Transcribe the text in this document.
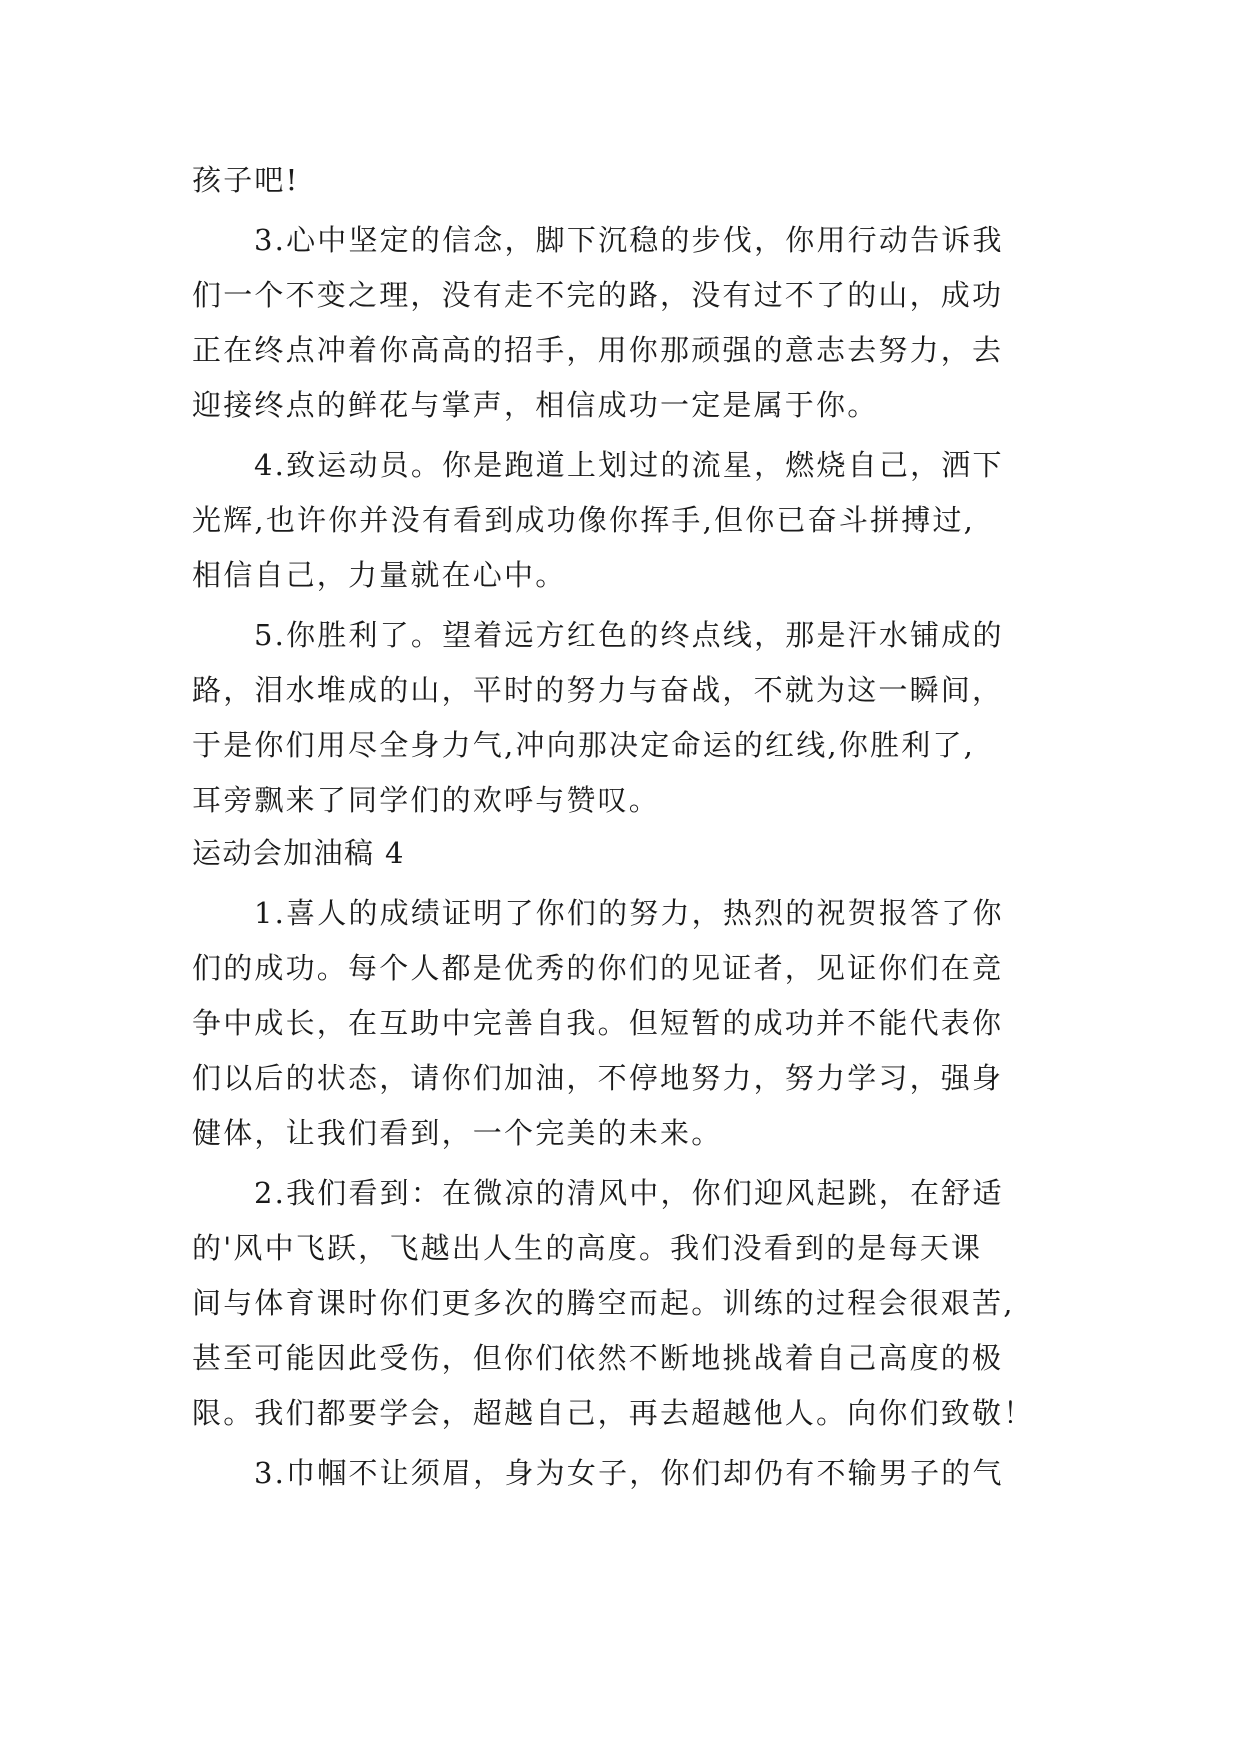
孩子吧!

3.心中坚定的信念，脚下沉稳的步伐，你用行动告诉我

们一个不变之理，没有走不完的路，没有过不了的山，成功

正在终点冲着你高高的招手，用你那顽强的意志去努力，去

迎接终点的鲜花与掌声，相信成功一定是属于你。

4.致运动员。你是跑道上划过的流星，燃烧自己，洒下

光辉,也许你并没有看到成功像你挥手,但你已奋斗拼搏过,

相信自己，力量就在心中。

5.你胜利了。望着远方红色的终点线，那是汗水铺成的

路，泪水堆成的山，平时的努力与奋战，不就为这一瞬间，

于是你们用尽全身力气,冲向那决定命运的红线,你胜利了,

耳旁飘来了同学们的欢呼与赞叹。

运动会加油稿 4

1.喜人的成绩证明了你们的努力，热烈的祝贺报答了你

们的成功。每个人都是优秀的你们的见证者，见证你们在竞

争中成长，在互助中完善自我。但短暂的成功并不能代表你

们以后的状态，请你们加油，不停地努力，努力学习，强身

健体，让我们看到，一个完美的未来。

2.我们看到：在微凉的清风中，你们迎风起跳，在舒适

的'风中飞跃，飞越出人生的高度。我们没看到的是每天课

间与体育课时你们更多次的腾空而起。训练的过程会很艰苦,

甚至可能因此受伤，但你们依然不断地挑战着自己高度的极

限。我们都要学会，超越自己，再去超越他人。向你们致敬！

3.巾帼不让须眉，身为女子，你们却仍有不输男子的气
